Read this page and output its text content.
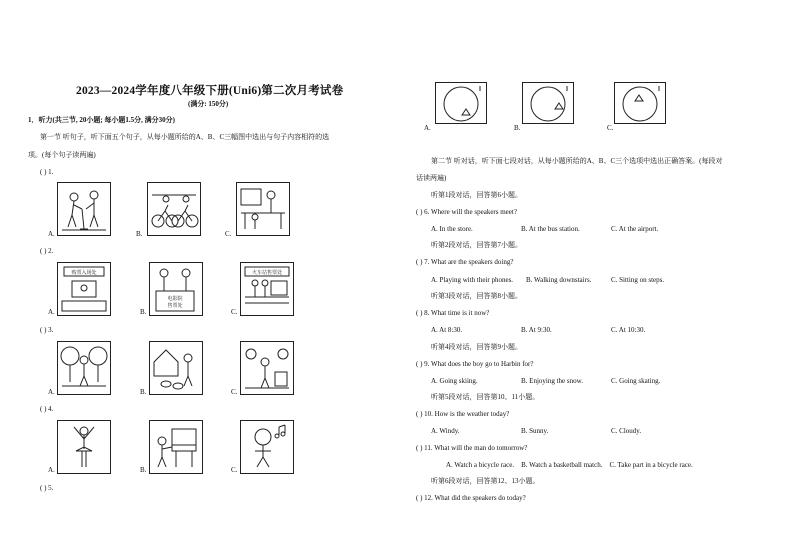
2023—2024学年度八年级下册(Uni6)第二次月考试卷
(满分: 150分)
1．听力(共三节, 20小题; 每小题1.5分, 满分30分)
第一节 听句子，听下面五个句子，从每小题所给的A、B、C三幅图中选出与句子内容相符的选
项。(每个句子读两遍)
( ) 1.
( ) 2.
( ) 3.
( ) 4.
( ) 5.
A.	B.	C.
A.
购票入场处
B.
电影院
售票处
C.
火车站售票处
A.	B.	C.
A.	B.	C.
A.	B.	C.
第二节 听对话，听下面七段对话，从每小题所给的A、B、C三个选项中选出正确答案。(每段对
话读两遍)
听第1段对话，回答第6小题。
( ) 6. Where will the speakers meet?
A. In the store.	B. At the bus station.	C. At the airport.
听第2段对话，回答第7小题。
( ) 7. What are the speakers doing?
A. Playing with their phones. B. Walking downstairs.	C. Sitting on steps.
听第3段对话，回答第8小题。
( ) 8. What time is it now?
A. At 8:30.	B. At 9:30.	C. At 10:30.
听第4段对话，回答第9小题。
( ) 9. What does the boy go to Harbin for?
A. Going skiing.	B. Enjoying the snow.	C. Going skating.
听第5段对话，回答第10、11小题。
( ) 10. How is the weather today?
A. Windy.	B. Sunny.	C. Cloudy.
( ) 11. What will the man do tomorrow?
A. Watch a bicycle race.    B. Watch a basketball match.    C. Take part in a bicycle race.
听第6段对话，回答第12、13小题。
( ) 12. What did the speakers do today?
